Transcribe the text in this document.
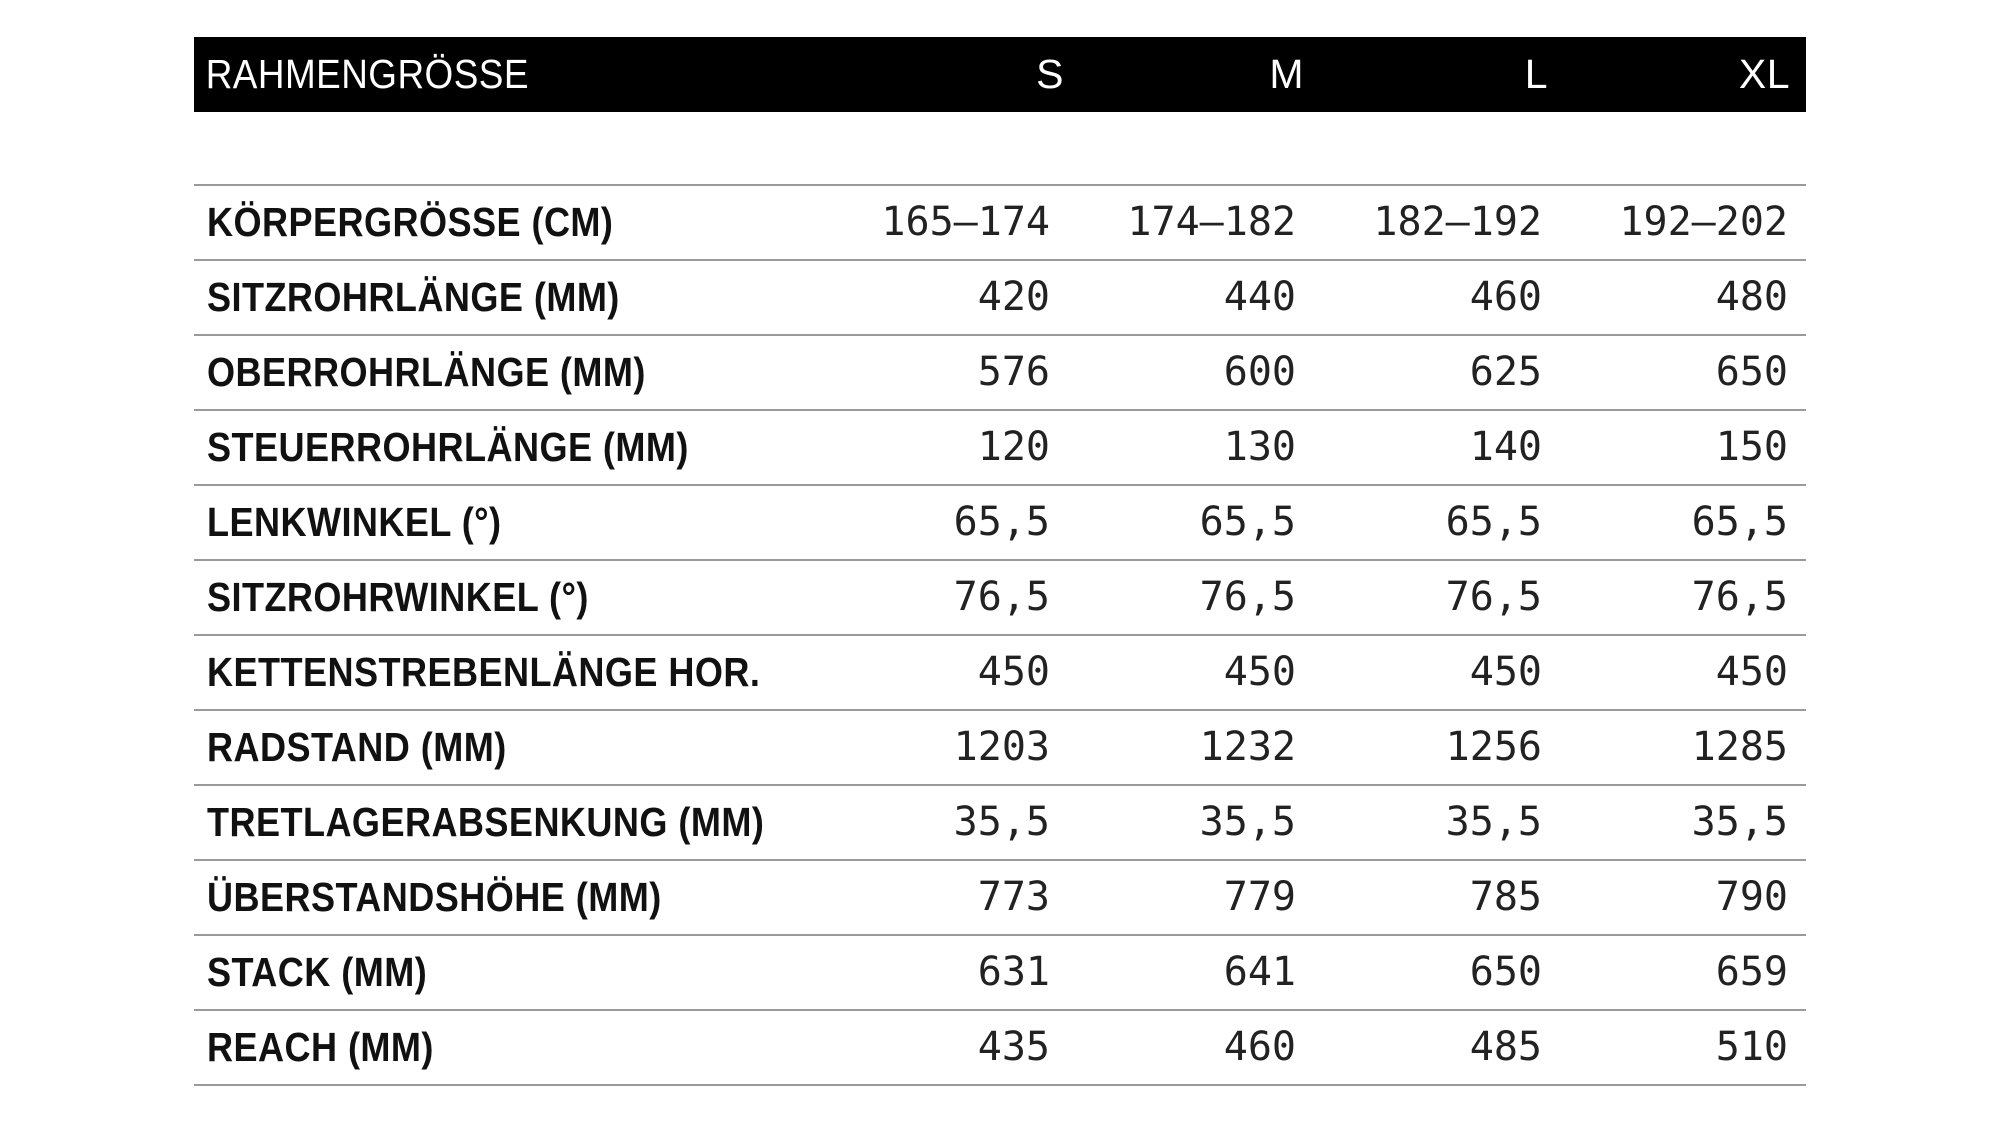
RAHMENGRÖSSE	S	M	L	XL
KÖRPERGRÖSSE (CM)	165–174	174–182	182–192	192–202
SITZROHRLÄNGE (MM)	420	440	460	480
OBERROHRLÄNGE (MM)	576	600	625	650
STEUERROHRLÄNGE (MM)	120	130	140	150
LENKWINKEL (°)	65,5	65,5	65,5	65,5
SITZROHRWINKEL (°)	76,5	76,5	76,5	76,5
KETTENSTREBENLÄNGE HOR.	450	450	450	450
RADSTAND (MM)	1203	1232	1256	1285
TRETLAGERABSENKUNG (MM)	35,5	35,5	35,5	35,5
ÜBERSTANDSHÖHE (MM)	773	779	785	790
STACK (MM)	631	641	650	659
REACH (MM)	435	460	485	510
